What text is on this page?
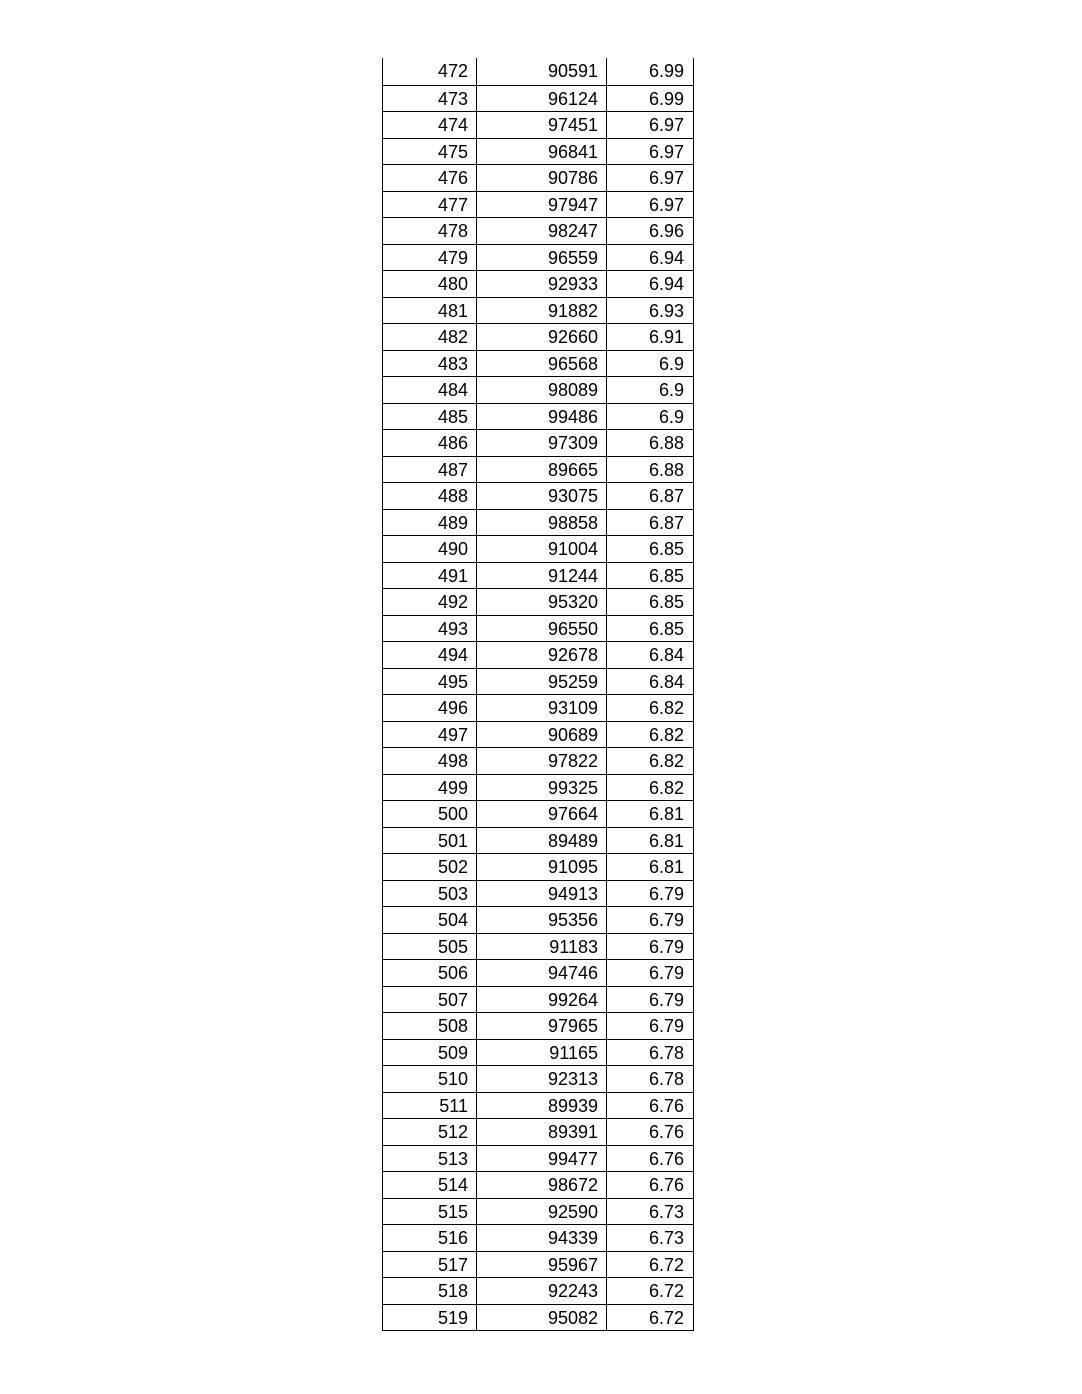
472	90591	6.99
473	96124	6.99
474	97451	6.97
475	96841	6.97
476	90786	6.97
477	97947	6.97
478	98247	6.96
479	96559	6.94
480	92933	6.94
481	91882	6.93
482	92660	6.91
483	96568	6.9
484	98089	6.9
485	99486	6.9
486	97309	6.88
487	89665	6.88
488	93075	6.87
489	98858	6.87
490	91004	6.85
491	91244	6.85
492	95320	6.85
493	96550	6.85
494	92678	6.84
495	95259	6.84
496	93109	6.82
497	90689	6.82
498	97822	6.82
499	99325	6.82
500	97664	6.81
501	89489	6.81
502	91095	6.81
503	94913	6.79
504	95356	6.79
505	91183	6.79
506	94746	6.79
507	99264	6.79
508	97965	6.79
509	91165	6.78
510	92313	6.78
511	89939	6.76
512	89391	6.76
513	99477	6.76
514	98672	6.76
515	92590	6.73
516	94339	6.73
517	95967	6.72
518	92243	6.72
519	95082	6.72
